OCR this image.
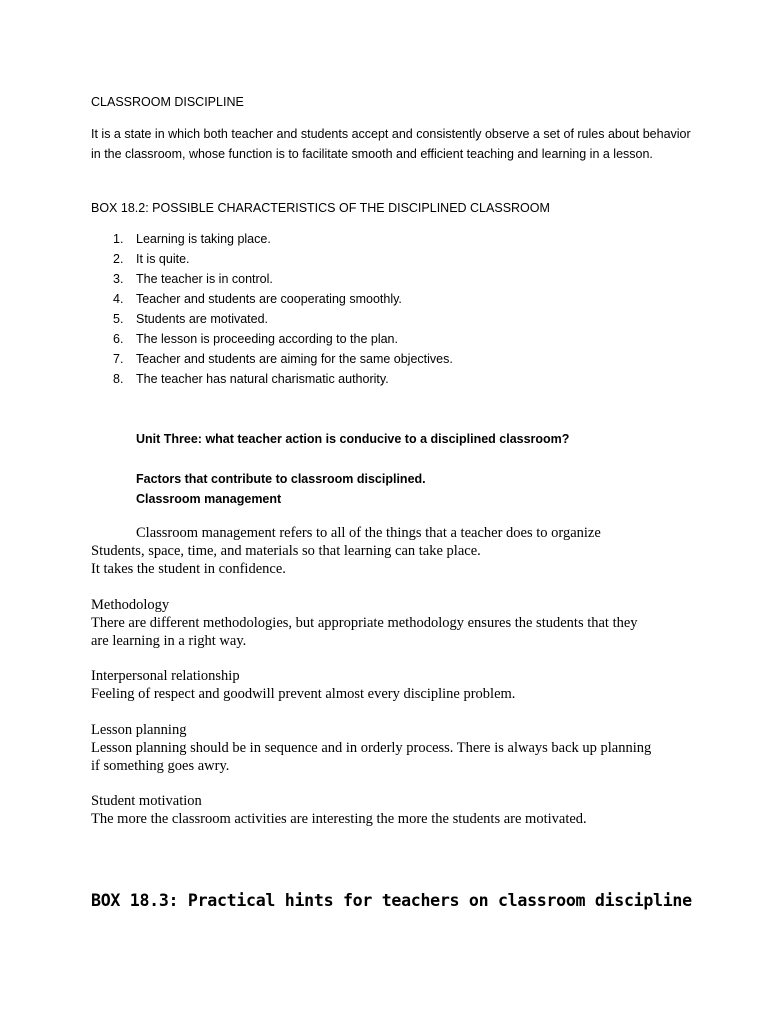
CLASSROOM DISCIPLINE
It is a state in which both teacher and students accept and consistently observe a set of rules about behavior in the classroom, whose function is to facilitate smooth and efficient teaching and learning in a lesson.
BOX 18.2: POSSIBLE CHARACTERISTICS OF THE DISCIPLINED CLASSROOM
1. Learning is taking place.
2. It is quite.
3. The teacher is in control.
4. Teacher and students are cooperating smoothly.
5. Students are motivated.
6. The lesson is proceeding according to the plan.
7. Teacher and students are aiming for the same objectives.
8. The teacher has natural charismatic authority.
Unit Three: what teacher action is conducive to a disciplined classroom?
Factors that contribute to classroom disciplined.
Classroom management
Classroom management refers to all of the things that a teacher does to organize
Students, space, time, and materials so that learning can take place.
It takes the student in confidence.
Methodology
There are different methodologies, but appropriate methodology ensures the students that they
are learning in a right way.
Interpersonal relationship
Feeling of respect and goodwill prevent almost every discipline problem.
Lesson planning
Lesson planning should be in sequence and in orderly process. There is always back up planning
if something goes awry.
Student motivation
The more the classroom activities are interesting the more the students are motivated.
BOX 18.3: Practical hints for teachers on classroom discipline
